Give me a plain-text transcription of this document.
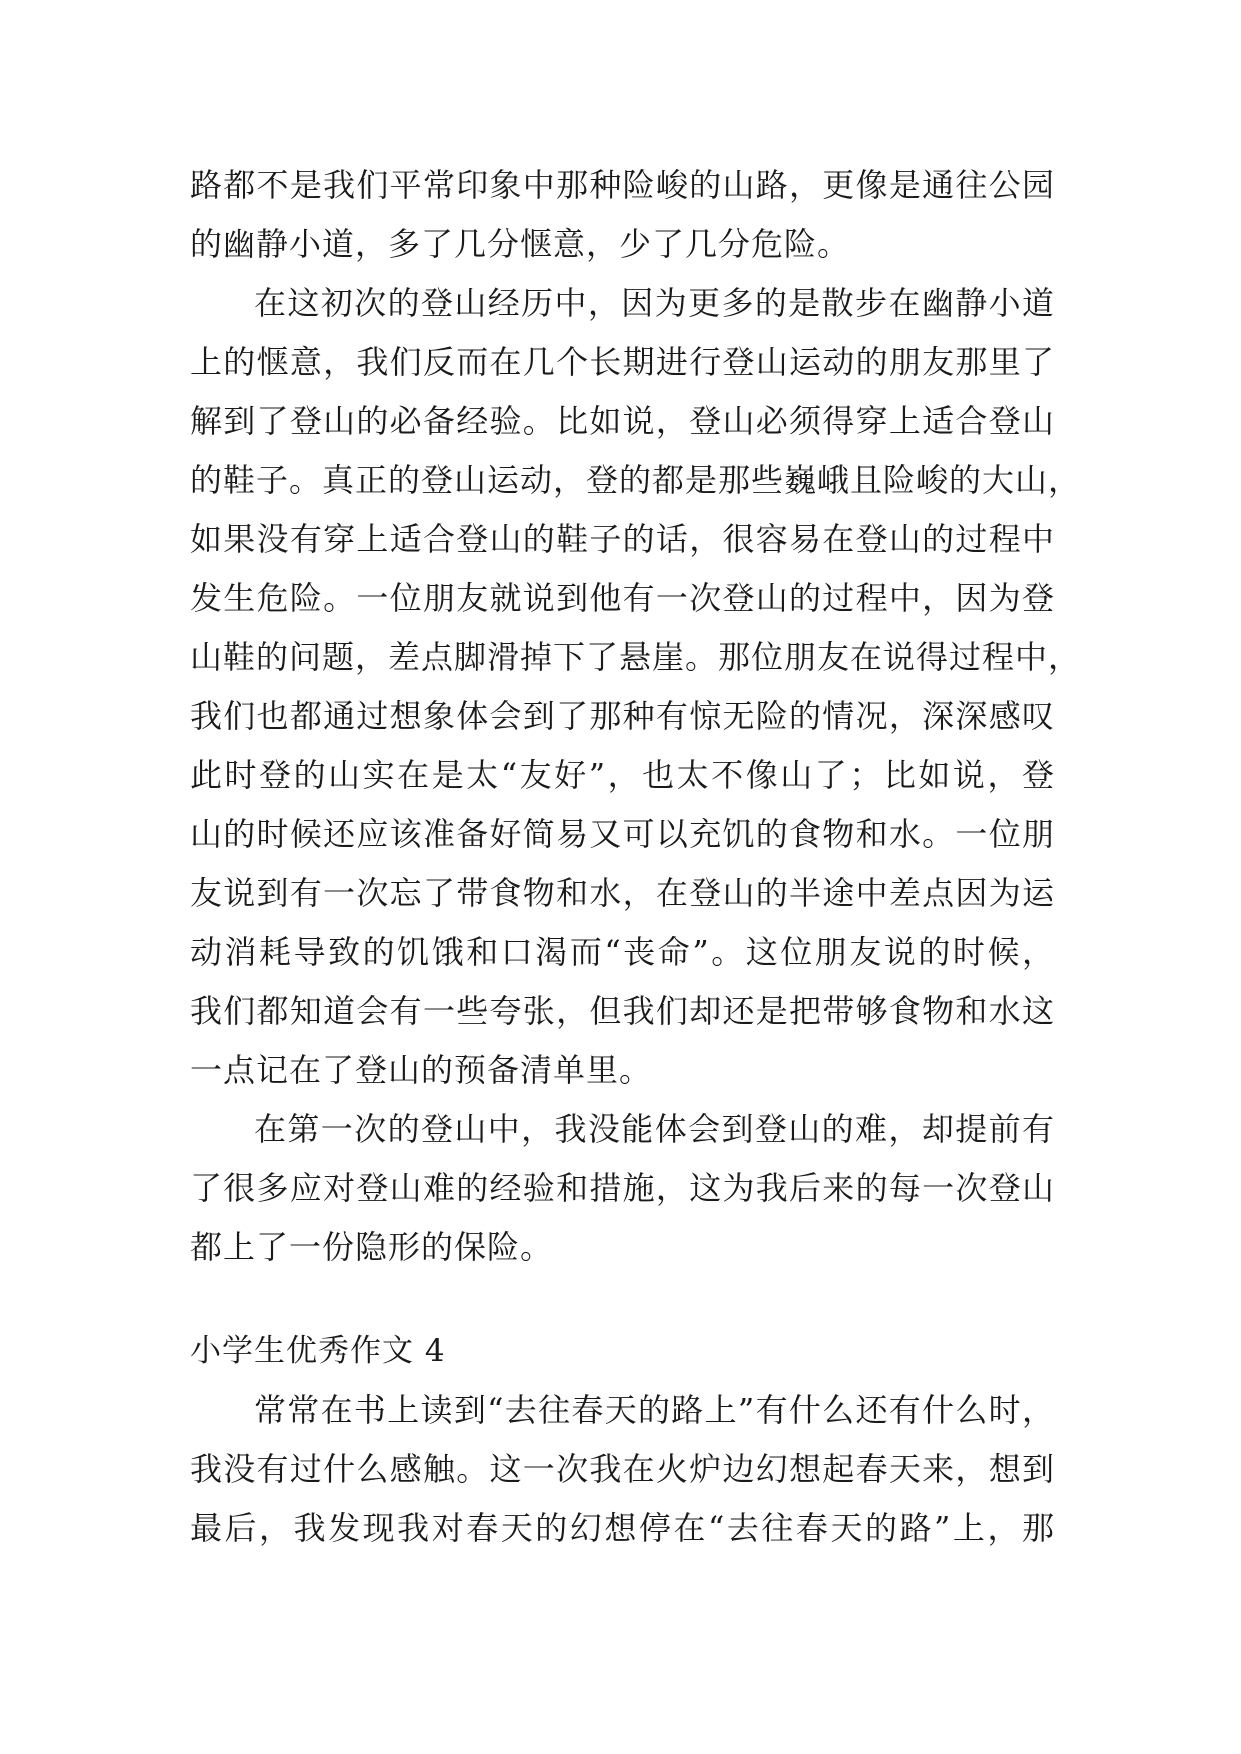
路都不是我们平常印象中那种险峻的山路，更像是通往公园
的幽静小道，多了几分惬意，少了几分危险。
在这初次的登山经历中，因为更多的是散步在幽静小道
上的惬意，我们反而在几个长期进行登山运动的朋友那里了
解到了登山的必备经验。比如说，登山必须得穿上适合登山
的鞋子。真正的登山运动，登的都是那些巍峨且险峻的大山，
如果没有穿上适合登山的鞋子的话，很容易在登山的过程中
发生危险。一位朋友就说到他有一次登山的过程中，因为登
山鞋的问题，差点脚滑掉下了悬崖。那位朋友在说得过程中，
我们也都通过想象体会到了那种有惊无险的情况，深深感叹
此时登的山实在是太“友好”，也太不像山了；比如说，登
山的时候还应该准备好简易又可以充饥的食物和水。一位朋
友说到有一次忘了带食物和水，在登山的半途中差点因为运
动消耗导致的饥饿和口渴而“丧命”。这位朋友说的时候，
我们都知道会有一些夸张，但我们却还是把带够食物和水这
一点记在了登山的预备清单里。
在第一次的登山中，我没能体会到登山的难，却提前有
了很多应对登山难的经验和措施，这为我后来的每一次登山
都上了一份隐形的保险。
小学生优秀作文 4
常常在书上读到“去往春天的路上”有什么还有什么时，
我没有过什么感触。这一次我在火炉边幻想起春天来，想到
最后，我发现我对春天的幻想停在“去往春天的路”上，那
